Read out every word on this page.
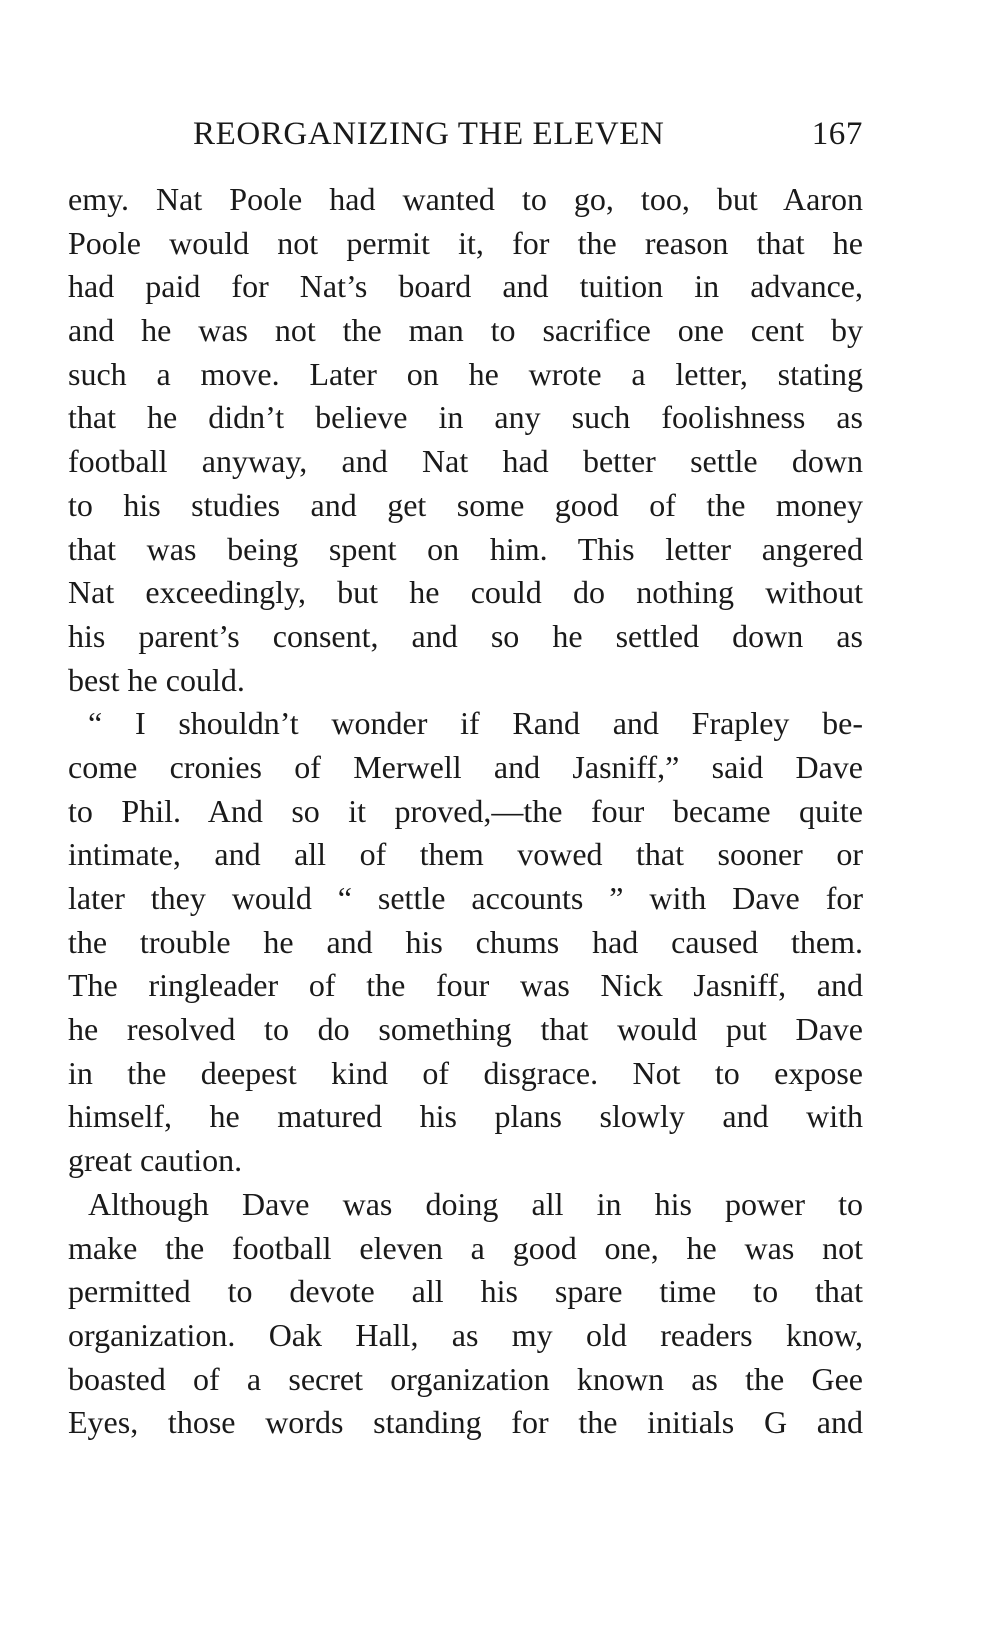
REORGANIZING THE ELEVEN	167
emy. Nat Poole had wanted to go, too, but Aaron
Poole would not permit it, for the reason that he
had paid for Nat’s board and tuition in advance,
and he was not the man to sacrifice one cent by
such a move. Later on he wrote a letter, stating
that he didn’t believe in any such foolishness as
football anyway, and Nat had better settle down
to his studies and get some good of the money
that was being spent on him. This letter angered
Nat exceedingly, but he could do nothing without
his parent’s consent, and so he settled down as
best he could.
“ I shouldn’t wonder if Rand and Frapley be-
come cronies of Merwell and Jasniff,” said Dave
to Phil. And so it proved,—the four became quite
intimate, and all of them vowed that sooner or
later they would “ settle accounts ” with Dave for
the trouble he and his chums had caused them.
The ringleader of the four was Nick Jasniff, and
he resolved to do something that would put Dave
in the deepest kind of disgrace. Not to expose
himself, he matured his plans slowly and with
great caution.
Although Dave was doing all in his power to
make the football eleven a good one, he was not
permitted to devote all his spare time to that
organization. Oak Hall, as my old readers know,
boasted of a secret organization known as the Gee
Eyes, those words standing for the initials G and
